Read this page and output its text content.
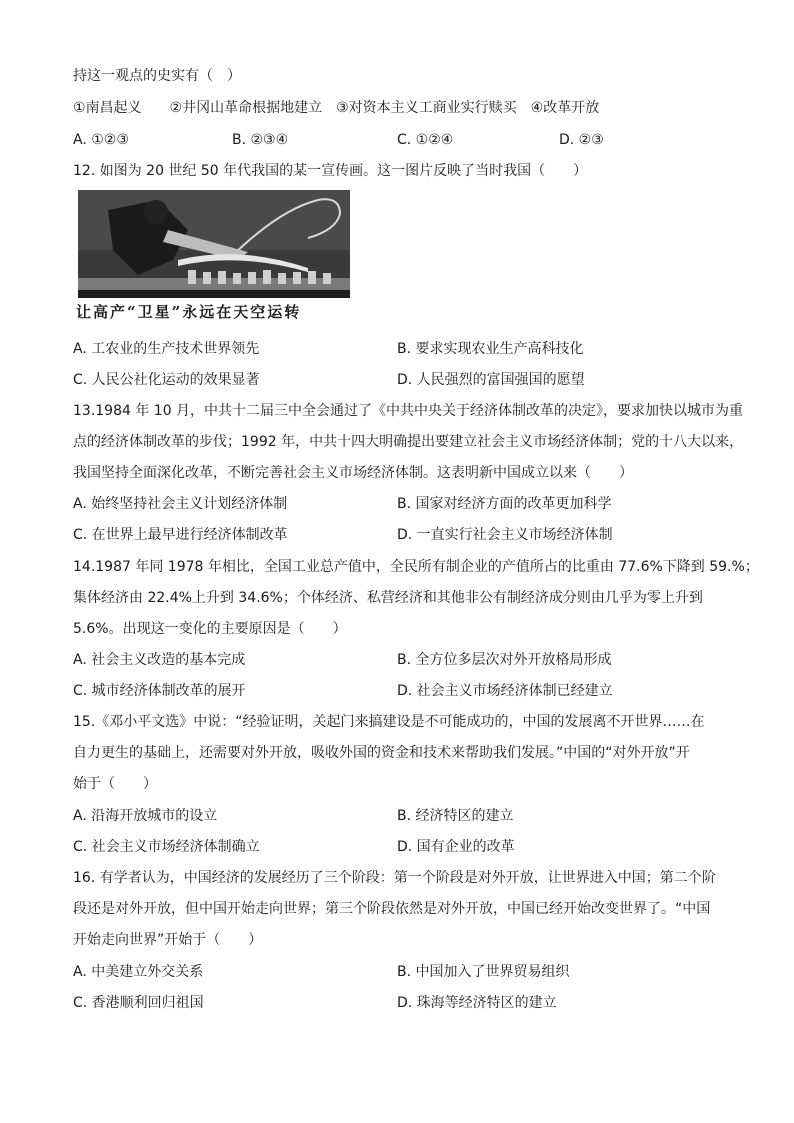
持这一观点的史实有（　）
①南昌起义　　②井冈山革命根据地建立　③对资本主义工商业实行赎买　④改革开放
A. ①②③	B. ②③④	C. ①②④	D. ②③
12. 如图为 20 世纪 50 年代我国的某一宣传画。这一图片反映了当时我国（　　）
让高产“卫星”永远在天空运转
A. 工农业的生产技术世界领先	B. 要求实现农业生产高科技化
C. 人民公社化运动的效果显著	D. 人民强烈的富国强国的愿望
13.1984 年 10 月，中共十二届三中全会通过了《中共中央关于经济体制改革的决定》，要求加快以城市为重
点的经济体制改革的步伐；1992 年，中共十四大明确提出要建立社会主义市场经济体制；党的十八大以来，
我国坚持全面深化改革，不断完善社会主义市场经济体制。这表明新中国成立以来（　　）
A. 始终坚持社会主义计划经济体制	B. 国家对经济方面的改革更加科学
C. 在世界上最早进行经济体制改革	D. 一直实行社会主义市场经济体制
14.1987 年同 1978 年相比，全国工业总产值中，全民所有制企业的产值所占的比重由 77.6%下降到 59.%；
集体经济由 22.4%上升到 34.6%；个体经济、私营经济和其他非公有制经济成分则由几乎为零上升到
5.6%。出现这一变化的主要原因是（　　）
A. 社会主义改造的基本完成	B. 全方位多层次对外开放格局形成
C. 城市经济体制改革的展开	D. 社会主义市场经济体制已经建立
15.《邓小平文选》中说：“经验证明，关起门来搞建设是不可能成功的，中国的发展离不开世界……在
自力更生的基础上，还需要对外开放，吸收外国的资金和技术来帮助我们发展。”中国的“对外开放”开
始于（　　）
A. 沿海开放城市的设立	B. 经济特区的建立
C. 社会主义市场经济体制确立	D. 国有企业的改革
16. 有学者认为，中国经济的发展经历了三个阶段：第一个阶段是对外开放，让世界进入中国；第二个阶
段还是对外开放，但中国开始走向世界；第三个阶段依然是对外开放，中国已经开始改变世界了。“中国
开始走向世界”开始于（　　）
A. 中美建立外交关系	B. 中国加入了世界贸易组织
C. 香港顺利回归祖国	D. 珠海等经济特区的建立
